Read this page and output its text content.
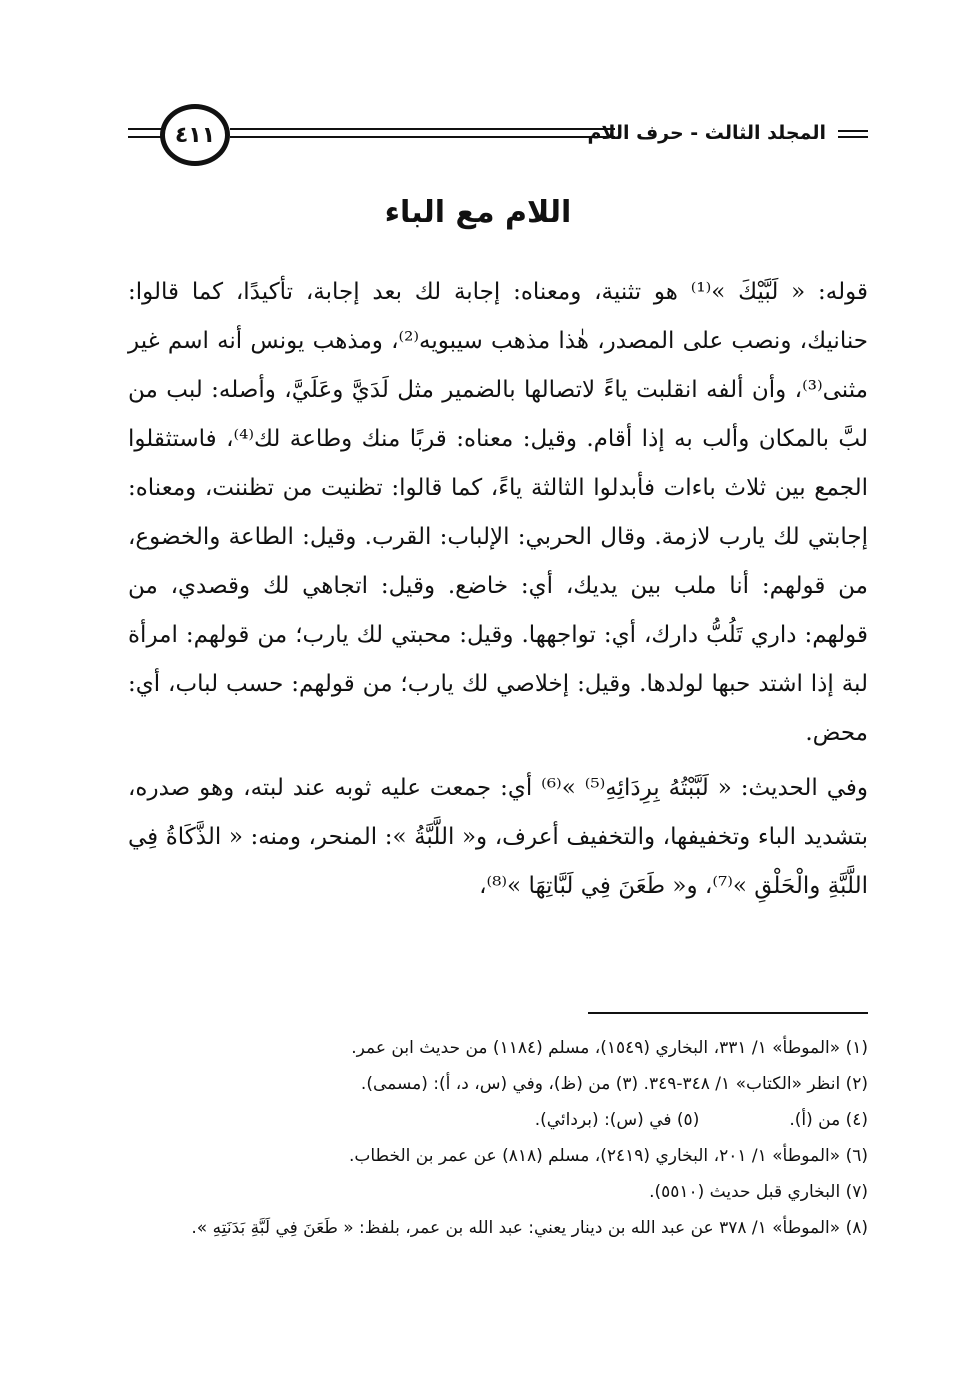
٤١١	المجلد الثالث - حرف اللام
اللام مع الباء

قوله: « لَبَّيْكَ »⁽¹⁾ هو تثنية، ومعناه: إجابة لك بعد إجابة، تأكيدًا، كما قالوا: حنانيك، ونصب على المصدر، هٰذا مذهب سيبويه⁽²⁾، ومذهب يونس أنه اسم غير مثنى⁽³⁾، وأن ألفه انقلبت ياءً لاتصالها بالضمير مثل لَدَيَّ وعَلَيَّ، وأصله: لبب من لبَّ بالمكان وألب به إذا أقام. وقيل: معناه: قربًا منك وطاعة لك⁽⁴⁾، فاستثقلوا الجمع بين ثلاث باءات فأبدلوا الثالثة ياءً، كما قالوا: تظنيت من تظننت، ومعناه: إجابتي لك يارب لازمة. وقال الحربي: الإلباب: القرب. وقيل: الطاعة والخضوع، من قولهم: أنا ملب بين يديك، أي: خاضع. وقيل: اتجاهي لك وقصدي، من قولهم: داري تَلُبُّ دارك، أي: تواجهها. وقيل: محبتي لك يارب؛ من قولهم: امرأة لبة إذا اشتد حبها لولدها. وقيل: إخلاصي لك يارب؛ من قولهم: حسب لباب، أي: محض.

وفي الحديث: « لَبَّبْتُهُ بِرِدَائِهِ⁽⁵⁾ »⁽⁶⁾ أي: جمعت عليه ثوبه عند لبته، وهو صدره، بتشديد الباء وتخفيفها، والتخفيف أعرف، و« اللَّبَّةُ »: المنحر، ومنه: « الذَّكَاةُ فِي اللَّبَّةِ والْحَلْقِ »⁽⁷⁾، و« طَعَنَ فِي لَبَّاتِهَا »⁽⁸⁾،

(١) «الموطأ» ١/ ٣٣١، البخاري (١٥٤٩)، مسلم (١١٨٤) من حديث ابن عمر.

(٢) انظر «الكتاب» ١/ ٣٤٨-٣٤٩. (٣) من (ظ)، وفي (س، د، أ): (مسمى).

(٤) من (أ).
(٥) في (س): (بردائي).

(٦) «الموطأ» ١/ ٢٠١، البخاري (٢٤١٩)، مسلم (٨١٨) عن عمر بن الخطاب.

(٧) البخاري قبل حديث (٥٥١٠).

(٨) «الموطأ» ١/ ٣٧٨ عن عبد الله بن دينار يعني: عبد الله بن عمر، بلفظ: « طَعَنَ فِي لَبَّةِ بَدَنَتِهِ ».
